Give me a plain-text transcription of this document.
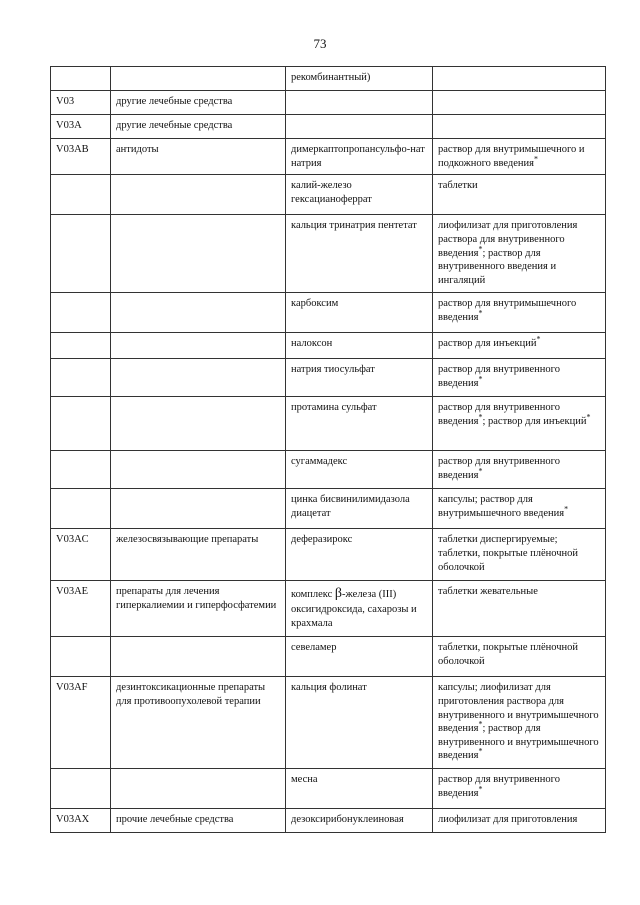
73
		рекомбинантный)	
V03	другие лечебные средства		
V03A	другие лечебные средства		
V03AB	антидоты	димеркаптопропансульфо-нат натрия	раствор для внутримышечного и подкожного введения*
		калий-железо гексацианоферрат	таблетки
		кальция тринатрия пентетат	лиофилизат для приготовления раствора для внутривенного введения*; раствор для внутривенного введения и ингаляций
		карбоксим	раствор для внутримышечного введения*
		налоксон	раствор для инъекций*
		натрия тиосульфат	раствор для внутривенного введения*
		протамина сульфат	раствор для внутривенного введения*; раствор для инъекций*
		сугаммадекс	раствор для внутривенного введения*
		цинка бисвинилимидазола диацетат	капсулы; раствор для внутримышечного введения*
V03AC	железосвязывающие препараты	деферазирокс	таблетки диспергируемые; таблетки, покрытые плёночной оболочкой
V03AE	препараты для лечения гиперкалиемии и гиперфосфатемии	комплекс β-железа (III) оксигидроксида, сахарозы и крахмала	таблетки жевательные
		севеламер	таблетки, покрытые плёночной оболочкой
V03AF	дезинтоксикационные препараты для противоопухолевой терапии	кальция фолинат	капсулы; лиофилизат для приготовления раствора для внутривенного и внутримышечного введения*; раствор для внутривенного и внутримышечного введения*
		месна	раствор для внутривенного введения*
V03AX	прочие лечебные средства	дезоксирибонуклеиновая	лиофилизат для приготовления
